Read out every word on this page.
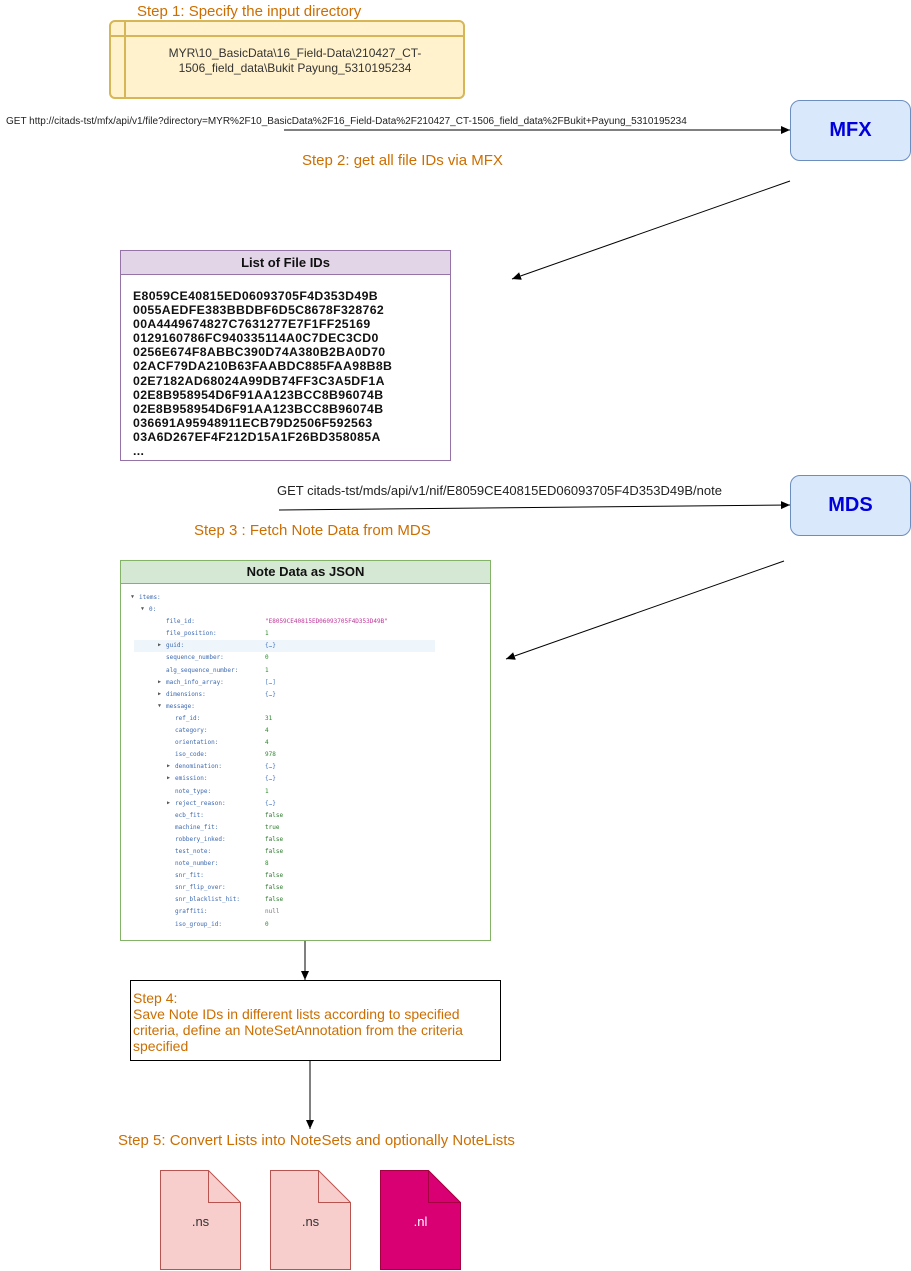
Step 1: Specify the input directory
MYR\10_BasicData\16_Field-Data\210427_CT-
1506_field_data\Bukit Payung_5310195234
GET http://citads-tst/mfx/api/v1/file?directory=MYR%2F10_BasicData%2F16_Field-Data%2F210427_CT-1506_field_data%2FBukit+Payung_5310195234	MFX
Step 2: get all file IDs via MFX
List of File IDs
E8059CE40815ED06093705F4D353D49B
0055AEDFE383BBDBF6D5C8678F328762
00A4449674827C7631277E7F1FF25169
0129160786FC940335114A0C7DEC3CD0
0256E674F8ABBC390D74A380B2BA0D70
02ACF79DA210B63FAABDC885FAA98B8B
02E7182AD68024A99DB74FF3C3A5DF1A
02E8B958954D6F91AA123BCC8B96074B
02E8B958954D6F91AA123BCC8B96074B
036691A95948911ECB79D2506F592563
03A6D267EF4F212D15A1F26BD358085A
...
GET citads-tst/mds/api/v1/nif/E8059CE40815ED06093705F4D353D49B/note
MDS
Step 3 : Fetch Note Data from MDS
Note Data as JSON
▼ items:
▼ 0:
file_id:	"E8059CE40815ED06093705F4D353D49B"
file_position:	1
▶ guid:	{…}
sequence_number:	0
alg_sequence_number:	1
▶ mach_info_array:	[…]
▶ dimensions:	{…}
▼ message:
ref_id:	31
category:	4
orientation:	4
iso_code:	978
▶ denomination:	{…}
▶ emission:	{…}
note_type:	1
▶ reject_reason:	{…}
ecb_fit:	false
machine_fit:	true
robbery_inked:	false
test_note:	false
note_number:	8
snr_fit:	false
snr_flip_over:	false
snr_blacklist_hit:	false
graffiti:	null
iso_group_id:	0
Step 4:
Save Note IDs in different lists according to specified criteria, define an NoteSetAnnotation from the criteria specified
Step 5: Convert Lists into NoteSets and optionally NoteLists
.ns	.ns	.nl
